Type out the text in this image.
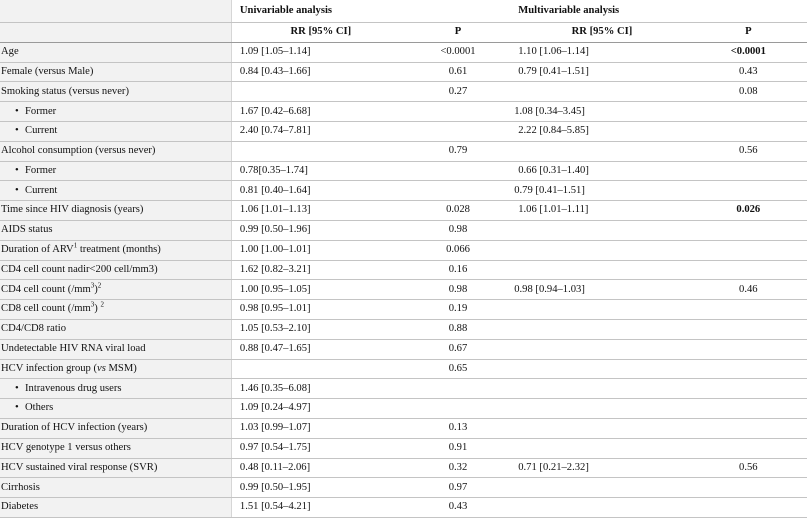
	Univariable analysis		Multivariable analysis	
	RR [95% CI]	P	RR [95% CI]	P
Age	1.09 [1.05–1.14]	<0.0001	1.10 [1.06–1.14]	<0.0001
Female (versus Male)	0.84 [0.43–1.66]	0.61	0.79 [0.41–1.51]	0.43
Smoking status (versus never)		0.27		0.08
• Former	1.67 [0.42–6.68]		1.08 [0.34–3.45]	
• Current	2.40 [0.74–7.81]		2.22 [0.84–5.85]	
Alcohol consumption (versus never)		0.79		0.56
• Former	0.78[0.35–1.74]		0.66 [0.31–1.40]	
• Current	0.81 [0.40–1.64]		0.79 [0.41–1.51]	
Time since HIV diagnosis (years)	1.06 [1.01–1.13]	0.028	1.06 [1.01–1.11]	0.026
AIDS status	0.99 [0.50–1.96]	0.98		
Duration of ARV$^1$ treatment (months)	1.00 [1.00–1.01]	0.066		
CD4 cell count nadir<200 cell/mm3)	1.62 [0.82–3.21]	0.16		
CD4 cell count $(/mm^3)^2$	1.00 [0.95–1.05]	0.98	0.98 [0.94–1.03]	0.46
CD8 cell count $(/mm^3)$ $^2$	0.98 [0.95–1.01]	0.19		
CD4/CD8 ratio	1.05 [0.53–2.10]	0.88		
Undetectable HIV RNA viral load	0.88 [0.47–1.65]	0.67		
HCV infection group (vs MSM)		0.65		
• Intravenous drug users	1.46 [0.35–6.08]			
• Others	1.09 [0.24–4.97]			
Duration of HCV infection (years)	1.03 [0.99–1.07]	0.13		
HCV genotype 1 versus others	0.97 [0.54–1.75]	0.91		
HCV sustained viral response (SVR)	0.48 [0.11–2.06]	0.32	0.71 [0.21–2.32]	0.56
Cirrhosis	0.99 [0.50–1.95]	0.97		
Diabetes	1.51 [0.54–4.21]	0.43		
